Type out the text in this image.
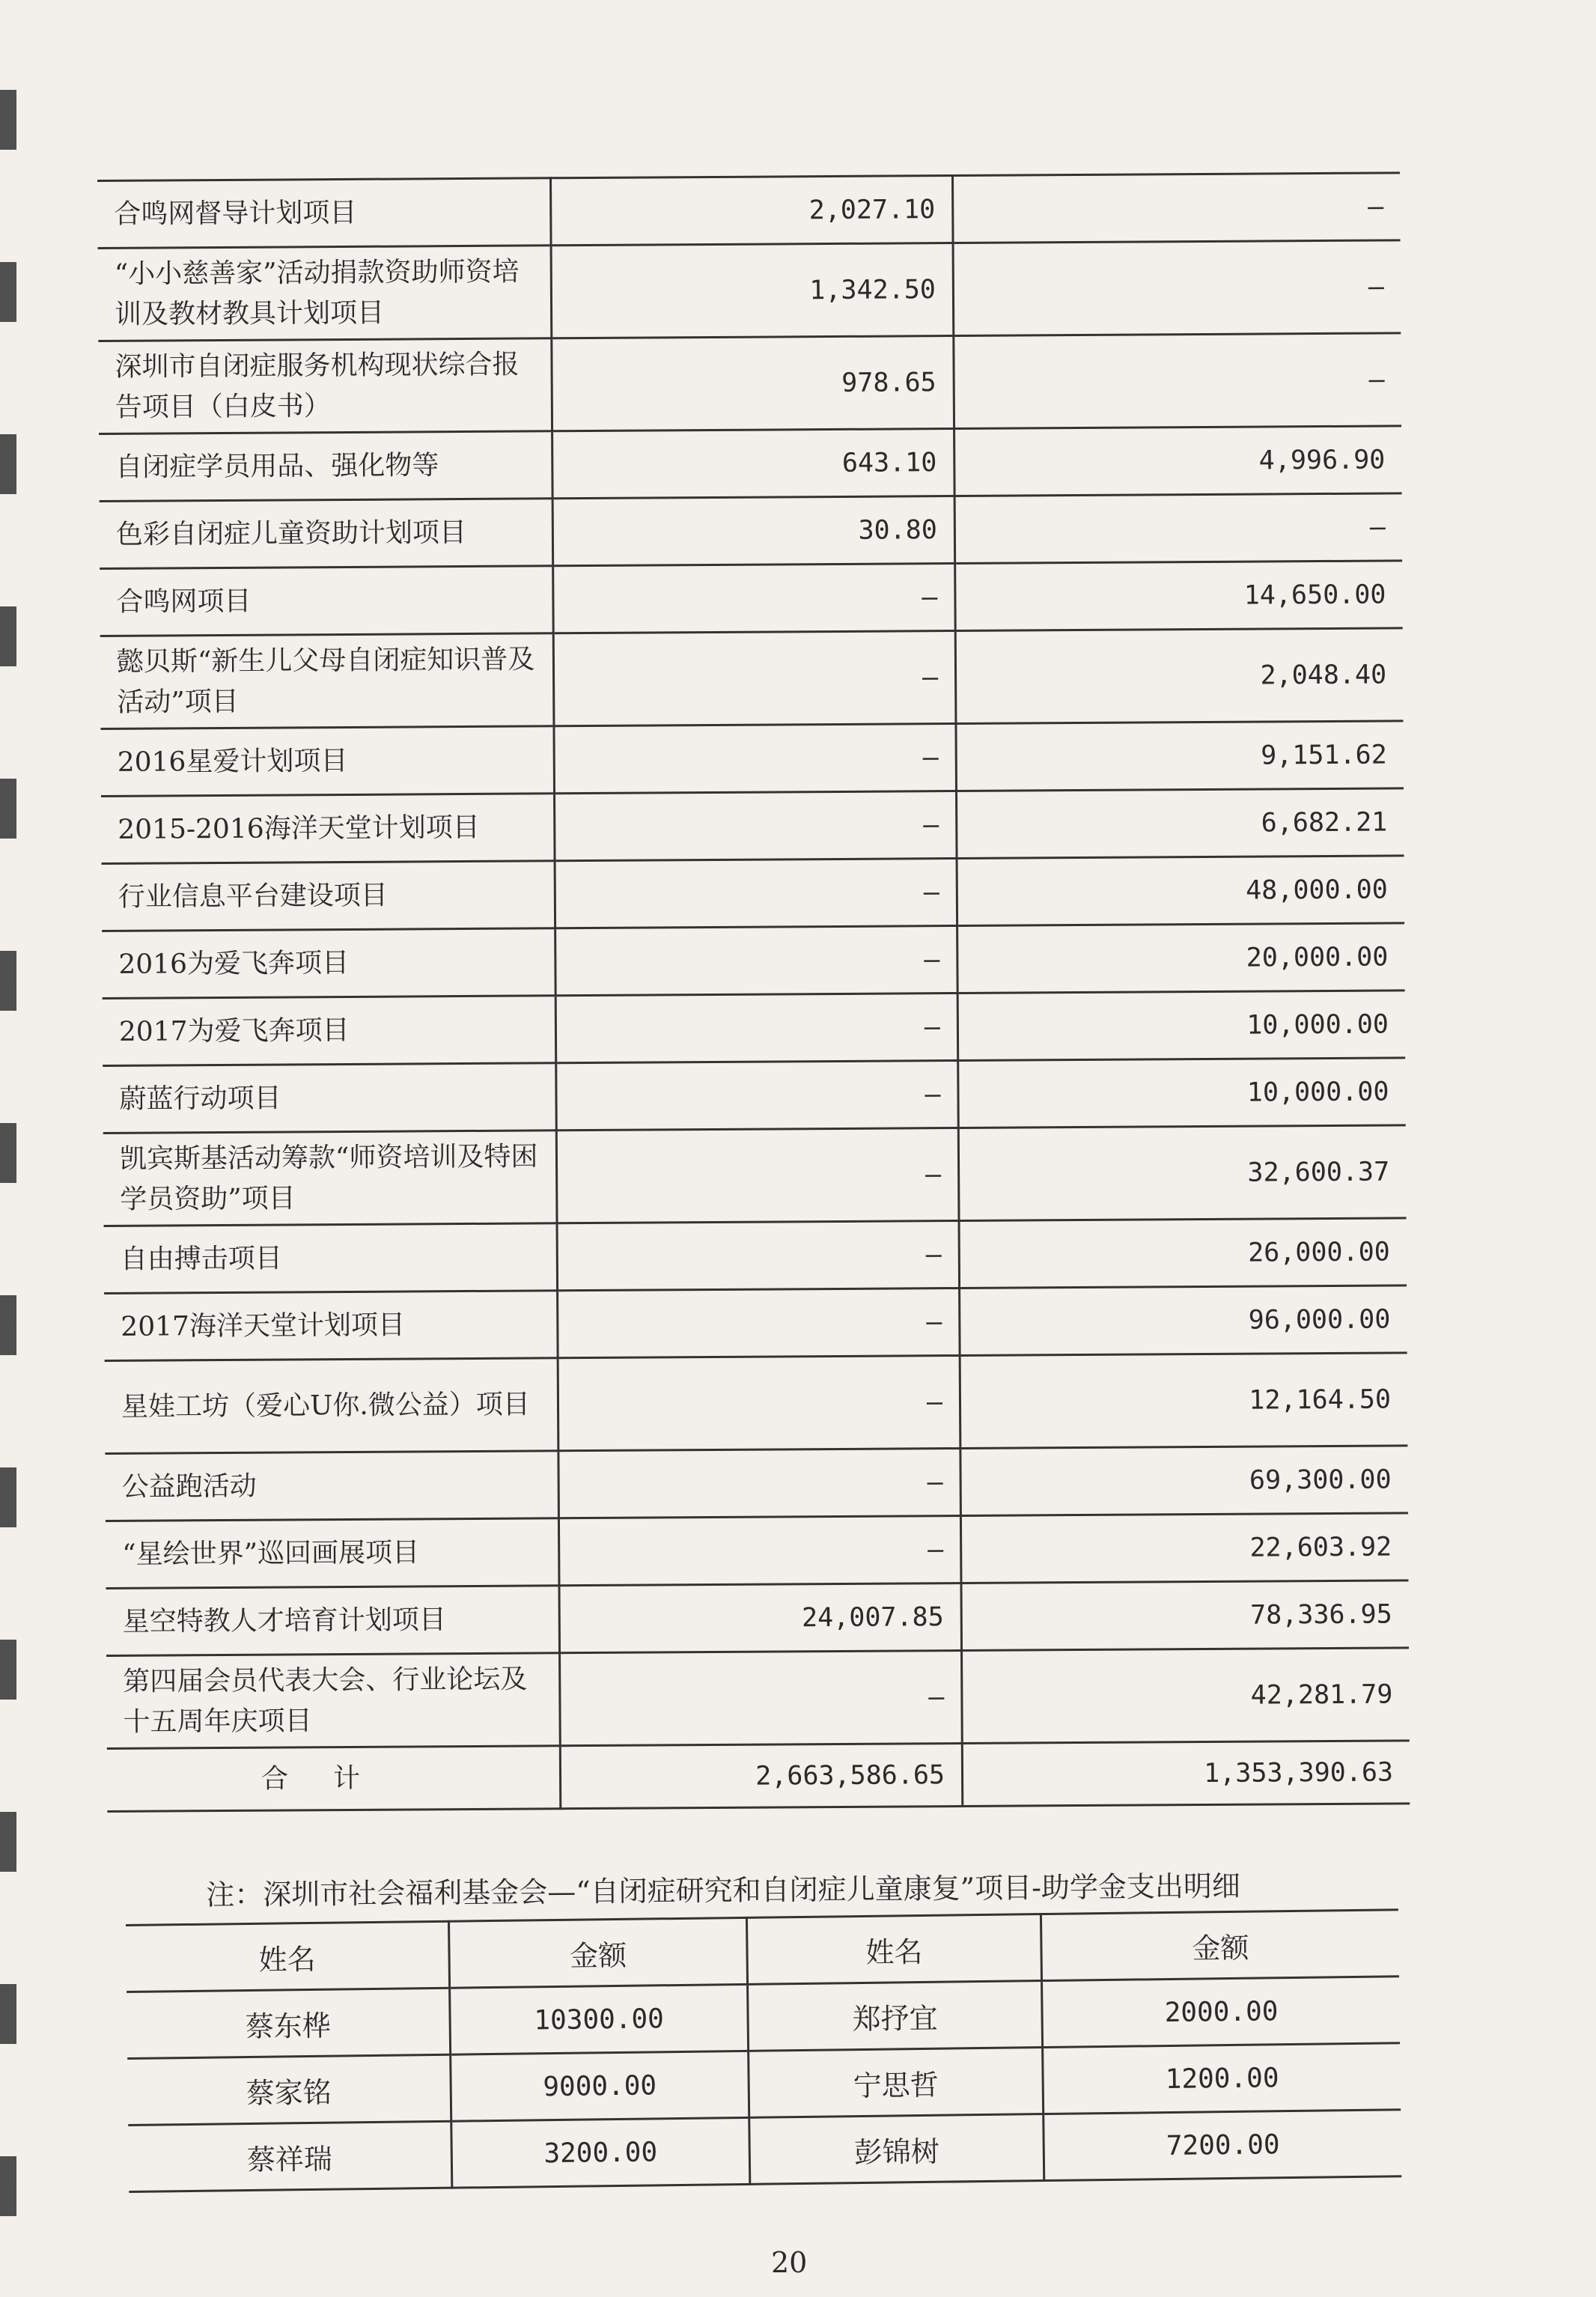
合鸣网督导计划项目	2,027.10	–
“小小慈善家”活动捐款资助师资培训及教材教具计划项目	1,342.50	–
深圳市自闭症服务机构现状综合报告项目（白皮书）	978.65	–
自闭症学员用品、强化物等	643.10	4,996.90
色彩自闭症儿童资助计划项目	30.80	–
合鸣网项目	–	14,650.00
懿贝斯“新生儿父母自闭症知识普及活动”项目	–	2,048.40
2016星爱计划项目	–	9,151.62
2015-2016海洋天堂计划项目	–	6,682.21
行业信息平台建设项目	–	48,000.00
2016为爱飞奔项目	–	20,000.00
2017为爱飞奔项目	–	10,000.00
蔚蓝行动项目	–	10,000.00
凯宾斯基活动筹款“师资培训及特困学员资助”项目	–	32,600.37
自由搏击项目	–	26,000.00
2017海洋天堂计划项目	–	96,000.00
星娃工坊（爱心U你.微公益）项目	–	12,164.50
公益跑活动	–	69,300.00
“星绘世界”巡回画展项目	–	22,603.92
星空特教人才培育计划项目	24,007.85	78,336.95
第四届会员代表大会、行业论坛及十五周年庆项目	–	42,281.79
合计	2,663,586.65	1,353,390.63
注：深圳市社会福利基金会—“自闭症研究和自闭症儿童康复”项目-助学金支出明细
姓名	金额	姓名	金额
蔡东桦	10300.00	郑抒宜	2000.00
蔡家铭	9000.00	宁思哲	1200.00
蔡祥瑞	3200.00	彭锦树	7200.00
20
